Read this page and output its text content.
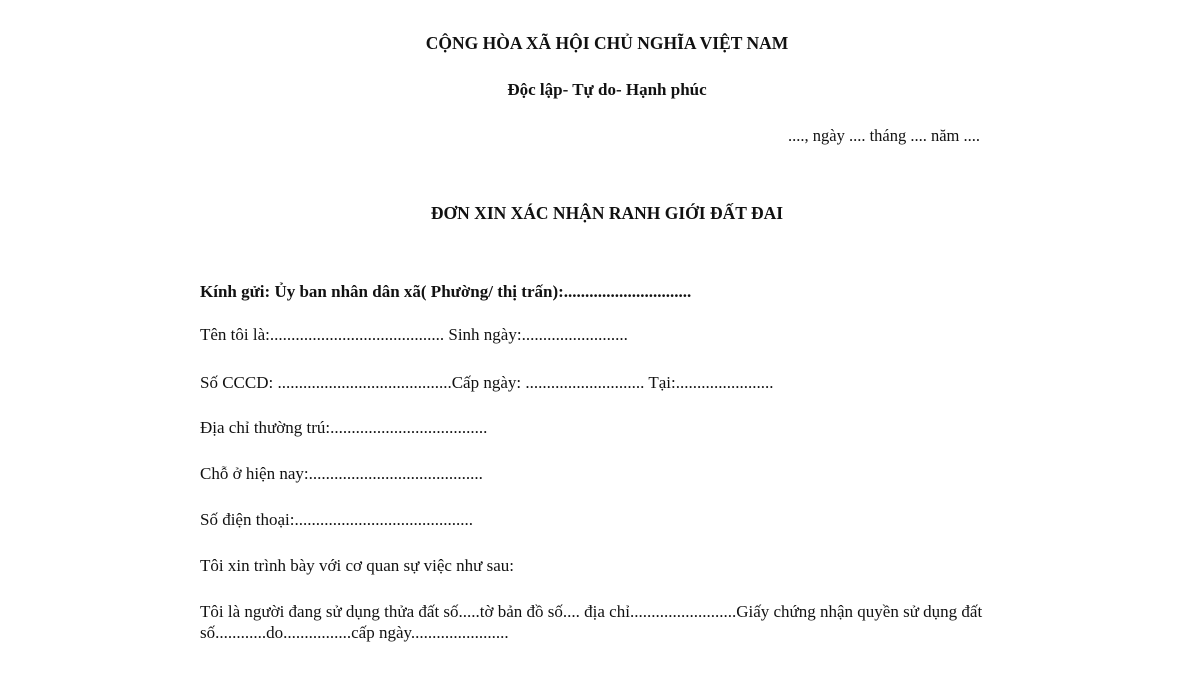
CỘNG HÒA XÃ HỘI CHỦ NGHĨA VIỆT NAM
Độc lập- Tự do- Hạnh phúc
...., ngày .... tháng .... năm ....
ĐƠN XIN XÁC NHẬN RANH GIỚI ĐẤT ĐAI
Kính gửi: Ủy ban nhân dân xã( Phường/ thị trấn):..............................
Tên tôi là:......................................... Sinh ngày:.........................
Số CCCD: .........................................Cấp ngày: ............................ Tại:.......................
Địa chỉ thường trú:.....................................
Chỗ ở hiện nay:.........................................
Số điện thoại:..........................................
Tôi xin trình bày với cơ quan sự việc như sau:
Tôi là người đang sử dụng thửa đất số.....tờ bản đồ số.... địa chỉ.........................Giấy chứng nhận quyền sử dụng đất số............do................cấp ngày.......................
